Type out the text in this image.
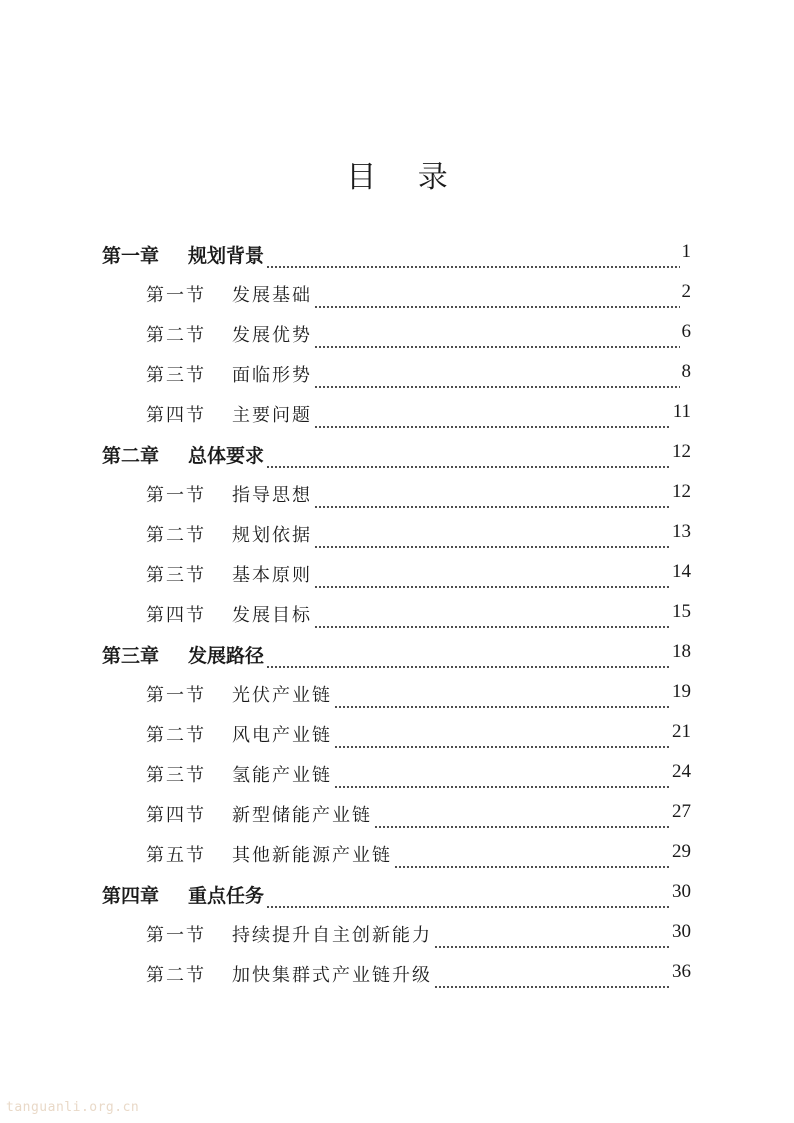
目 录
第一章	规划背景	1
第一节	发展基础	2
第二节	发展优势	6
第三节	面临形势	8
第四节	主要问题	11
第二章	总体要求	12
第一节	指导思想	12
第二节	规划依据	13
第三节	基本原则	14
第四节	发展目标	15
第三章	发展路径	18
第一节	光伏产业链	19
第二节	风电产业链	21
第三节	氢能产业链	24
第四节	新型储能产业链	27
第五节	其他新能源产业链	29
第四章	重点任务	30
第一节	持续提升自主创新能力	30
第二节	加快集群式产业链升级	36
tanguanli.org.cn
